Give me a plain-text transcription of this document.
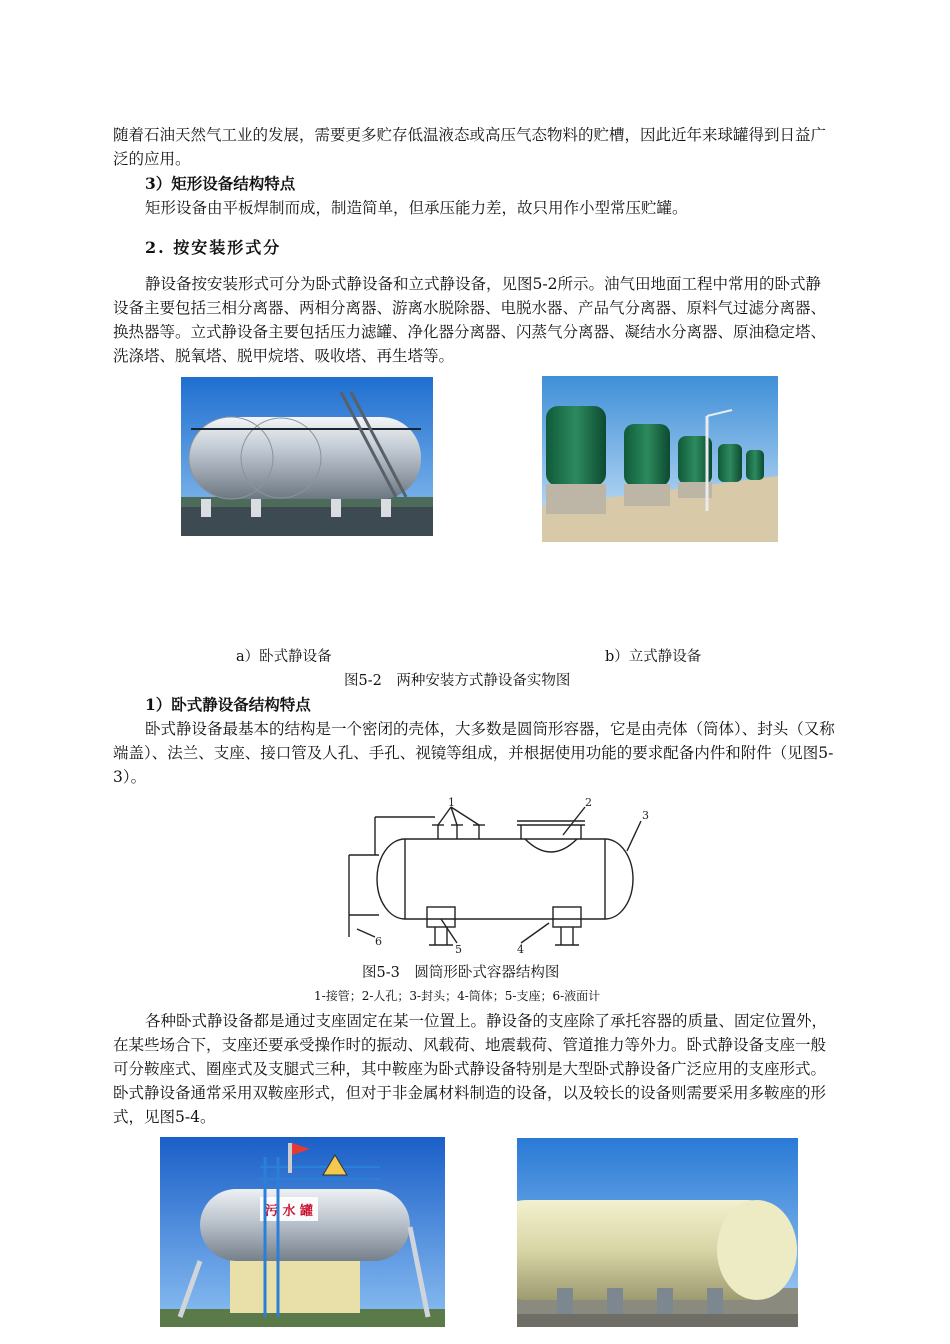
随着石油天然气工业的发展，需要更多贮存低温液态或高压气态物料的贮槽，因此近年来球罐得到日益广泛的应用。

3）矩形设备结构特点

矩形设备由平板焊制而成，制造简单，但承压能力差，故只用作小型常压贮罐。

2. 按安装形式分

静设备按安装形式可分为卧式静设备和立式静设备，见图5-2所示。油气田地面工程中常用的卧式静设备主要包括三相分离器、两相分离器、游离水脱除器、电脱水器、产品气分离器、原料气过滤分离器、换热器等。立式静设备主要包括压力滤罐、净化器分离器、闪蒸气分离器、凝结水分离器、原油稳定塔、洗涤塔、脱氧塔、脱甲烷塔、吸收塔、再生塔等。

a）卧式静设备	b）立式静设备
图5-2　两种安装方式静设备实物图
1）卧式静设备结构特点

卧式静设备最基本的结构是一个密闭的壳体，大多数是圆筒形容器，它是由壳体（筒体）、封头（又称端盖）、法兰、支座、接口管及人孔、手孔、视镜等组成，并根据使用功能的要求配备内件和附件（见图5-3）。

1	2
3
4
5
6
图5-3　圆筒形卧式容器结构图
1-接管；2-人孔；3-封头；4-筒体；5-支座；6-液面计

各种卧式静设备都是通过支座固定在某一位置上。静设备的支座除了承托容器的质量、固定位置外，在某些场合下，支座还要承受操作时的振动、风载荷、地震载荷、管道推力等外力。卧式静设备支座一般可分鞍座式、圈座式及支腿式三种，其中鞍座为卧式静设备特别是大型卧式静设备广泛应用的支座形式。卧式静设备通常采用双鞍座形式，但对于非金属材料制造的设备，以及较长的设备则需要采用多鞍座的形式，见图5-4。

污 水 罐
